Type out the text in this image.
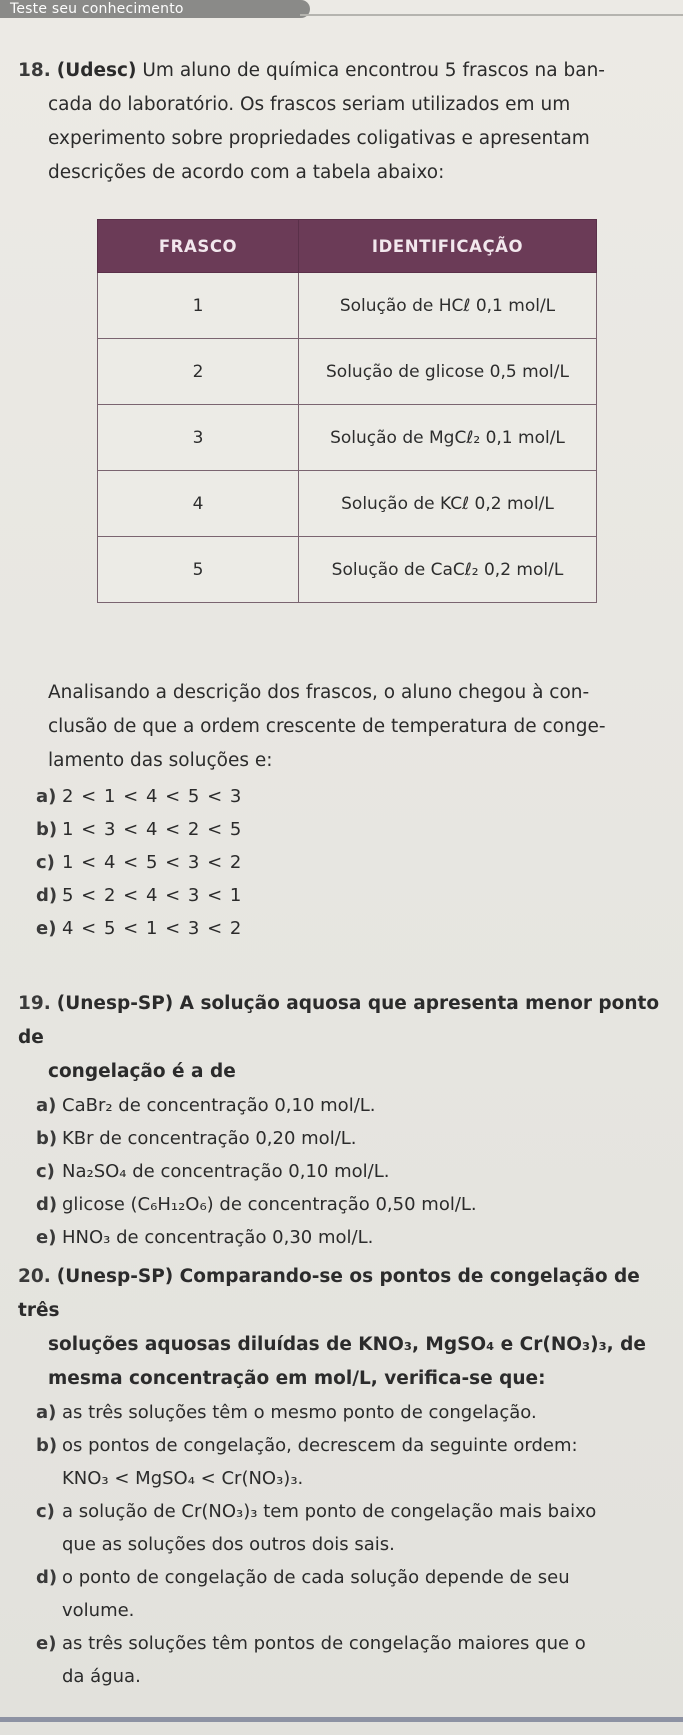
Teste seu conhecimento

18. (Udesc) Um aluno de química encontrou 5 frascos na ban-

cada do laboratório. Os frascos seriam utilizados em um
experimento sobre propriedades coligativas e apresentam
descrições de acordo com a tabela abaixo:

FRASCO	IDENTIFICAÇÃO
1	Solução de HCℓ 0,1 mol/L
2	Solução de glicose 0,5 mol/L
3	Solução de MgCℓ₂ 0,1 mol/L
4	Solução de KCℓ 0,2 mol/L
5	Solução de CaCℓ₂ 0,2 mol/L

Analisando a descrição dos frascos, o aluno chegou à con-
clusão de que a ordem crescente de temperatura de conge-
lamento das soluções e:

a) 2 < 1 < 4 < 5 < 3
b) 1 < 3 < 4 < 2 < 5
c) 1 < 4 < 5 < 3 < 2
d) 5 < 2 < 4 < 3 < 1
e) 4 < 5 < 1 < 3 < 2

19. (Unesp-SP) A solução aquosa que apresenta menor ponto de

congelação é a de

a) CaBr₂ de concentração 0,10 mol/L.
b) KBr de concentração 0,20 mol/L.
c) Na₂SO₄ de concentração 0,10 mol/L.
d) glicose (C₆H₁₂O₆) de concentração 0,50 mol/L.
e) HNO₃ de concentração 0,30 mol/L.

20. (Unesp-SP) Comparando-se os pontos de congelação de três

soluções aquosas diluídas de KNO₃, MgSO₄ e Cr(NO₃)₃, de
mesma concentração em mol/L, verifica-se que:

a) as três soluções têm o mesmo ponto de congelação.
b) os pontos de congelação, decrescem da seguinte ordem:
KNO₃ < MgSO₄ < Cr(NO₃)₃.
c) a solução de Cr(NO₃)₃ tem ponto de congelação mais baixo
que as soluções dos outros dois sais.
d) o ponto de congelação de cada solução depende de seu
volume.
e) as três soluções têm pontos de congelação maiores que o
da água.
